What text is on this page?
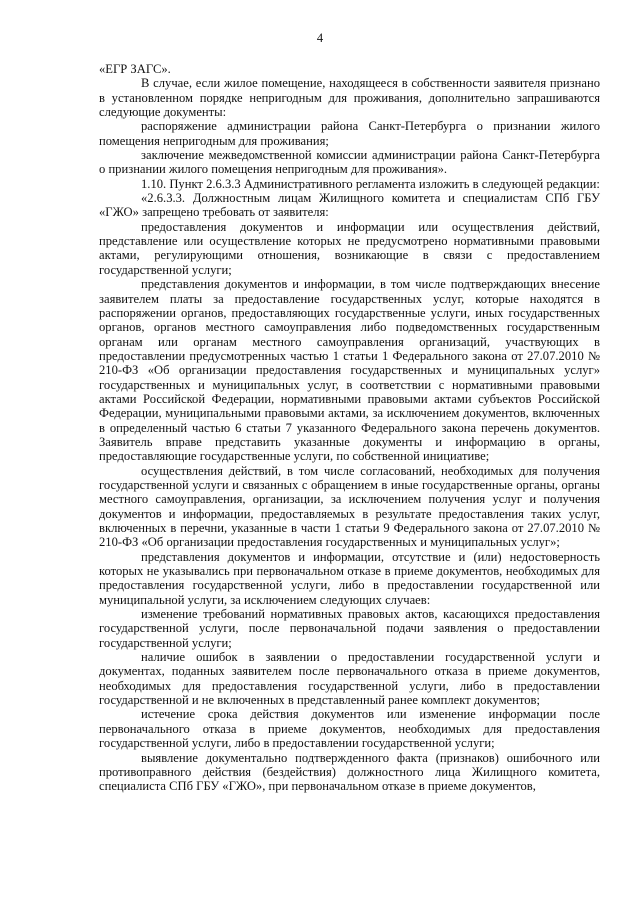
4

«ЕГР ЗАГС».

В случае, если жилое помещение, находящееся в собственности заявителя признано в установленном порядке непригодным для проживания, дополнительно запрашиваются следующие документы:

распоряжение администрации района Санкт-Петербурга о признании жилого помещения непригодным для проживания;

заключение межведомственной комиссии администрации района Санкт-Петербурга о признании жилого помещения непригодным для проживания».

1.10. Пункт 2.6.3.3 Административного регламента изложить в следующей редакции:

«2.6.3.3. Должностным лицам Жилищного комитета и специалистам СПб ГБУ «ГЖО» запрещено требовать от заявителя:

предоставления документов и информации или осуществления действий, представление или осуществление которых не предусмотрено нормативными правовыми актами, регулирующими отношения, возникающие в связи с предоставлением государственной услуги;

представления документов и информации, в том числе подтверждающих внесение заявителем платы за предоставление государственных услуг, которые находятся в распоряжении органов, предоставляющих государственные услуги, иных государственных органов, органов местного самоуправления либо подведомственных государственным органам или органам местного самоуправления организаций, участвующих в предоставлении предусмотренных частью 1 статьи 1 Федерального закона от 27.07.2010 № 210-ФЗ «Об организации предоставления государственных и муниципальных услуг» государственных и муниципальных услуг, в соответствии с нормативными правовыми актами Российской Федерации, нормативными правовыми актами субъектов Российской Федерации, муниципальными правовыми актами, за исключением документов, включенных в определенный частью 6 статьи 7 указанного Федерального закона перечень документов. Заявитель вправе представить указанные документы и информацию в органы, предоставляющие государственные услуги, по собственной инициативе;

осуществления действий, в том числе согласований, необходимых для получения государственной услуги и связанных с обращением в иные государственные органы, органы местного самоуправления, организации, за исключением получения услуг и получения документов и информации, предоставляемых в результате предоставления таких услуг, включенных в перечни, указанные в части 1 статьи 9 Федерального закона от 27.07.2010 № 210-ФЗ «Об организации предоставления государственных и муниципальных услуг»;

представления документов и информации, отсутствие и (или) недостоверность которых не указывались при первоначальном отказе в приеме документов, необходимых для предоставления государственной услуги, либо в предоставлении государственной или муниципальной услуги, за исключением следующих случаев:

изменение требований нормативных правовых актов, касающихся предоставления государственной услуги, после первоначальной подачи заявления о предоставлении государственной услуги;

наличие ошибок в заявлении о предоставлении государственной услуги и документах, поданных заявителем после первоначального отказа в приеме документов, необходимых для предоставления государственной услуги, либо в предоставлении государственной и не включенных в представленный ранее комплект документов;

истечение срока действия документов или изменение информации после первоначального отказа в приеме документов, необходимых для предоставления государственной услуги, либо в предоставлении государственной услуги;

выявление документально подтвержденного факта (признаков) ошибочного или противоправного действия (бездействия) должностного лица Жилищного комитета, специалиста СПб ГБУ «ГЖО», при первоначальном отказе в приеме документов,
